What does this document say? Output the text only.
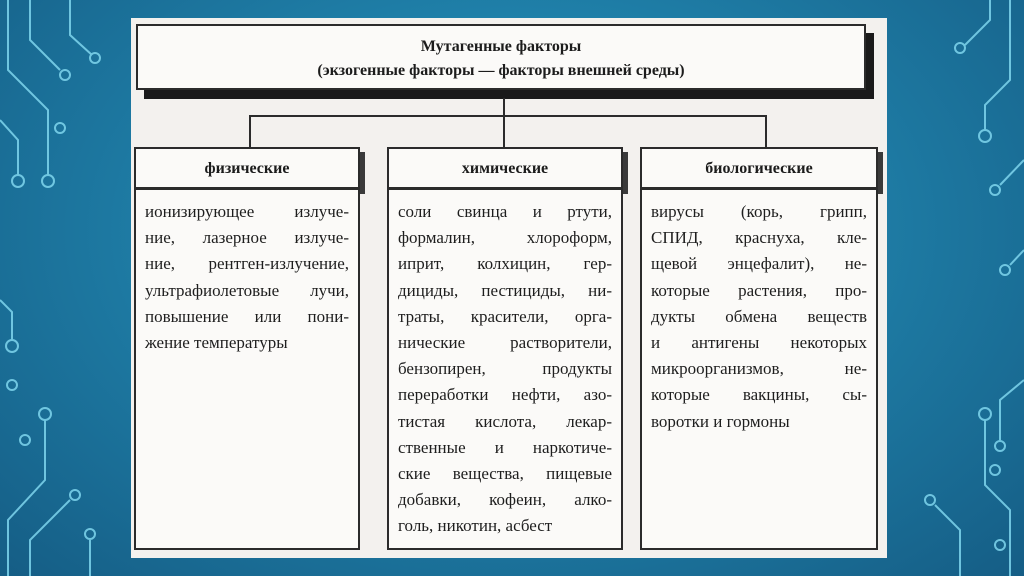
Мутагенные факторы
(экзогенные факторы — факторы внешней среды)
физические
ионизирующее излуче-
ние, лазерное излуче-
ние, рентген-излучение,
ультрафиолетовые лучи,
повышение или пони-
жение температуры
химические
соли свинца и ртути,
формалин, хлороформ,
иприт, колхицин, гер-
дициды, пестициды, ни-
траты, красители, орга-
нические растворители,
бензопирен, продукты
переработки нефти, азо-
тистая кислота, лекар-
ственные и наркотиче-
ские вещества, пищевые
добавки, кофеин, алко-
голь, никотин, асбест
биологические
вирусы (корь, грипп,
СПИД, краснуха, кле-
щевой энцефалит), не-
которые растения, про-
дукты обмена веществ
и антигены некоторых
микроорганизмов, не-
которые вакцины, сы-
воротки и гормоны
